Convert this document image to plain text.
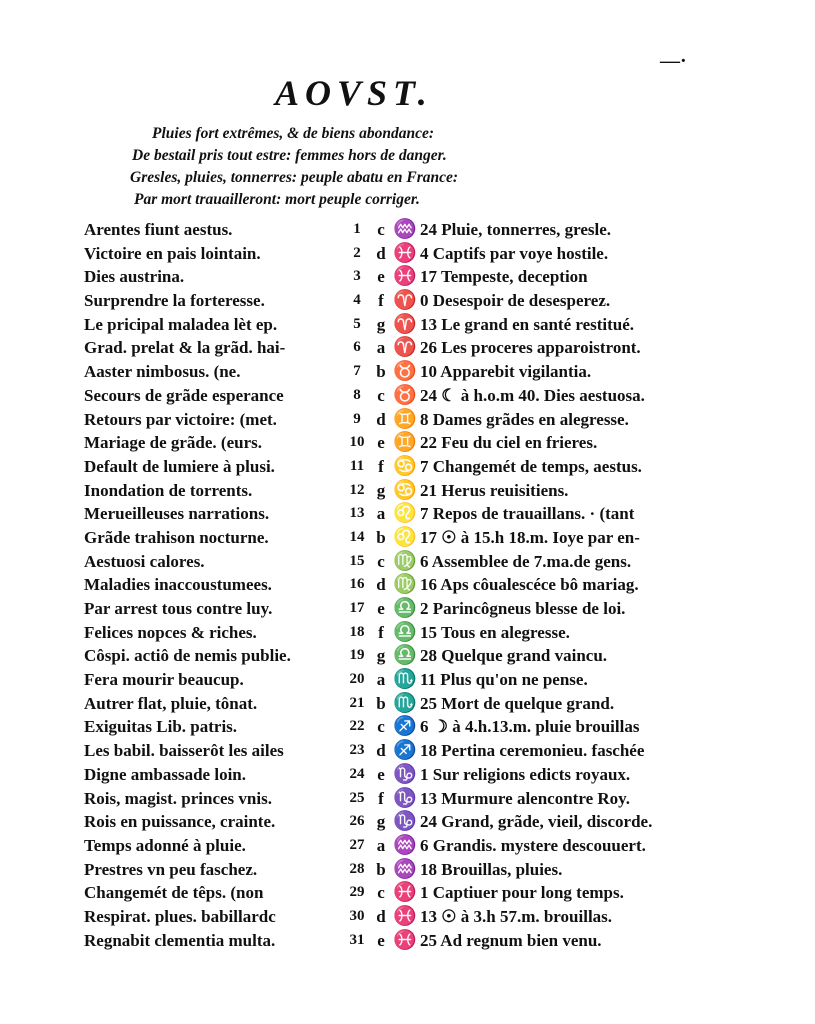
—·
AOVST.
Pluies fort extrêmes, & de biens abondance:
De bestail pris tout estre: femmes hors de danger.
Gresles, pluies, tonnerres: peuple abatu en France:
Par mort trauailleront: mort peuple corriger.
Arentes fiunt aestus.	1 c ♒ 24 Pluie, tonnerres, gresle.
Victoire en pais lointain.	2 d ♓ 4 Captifs par voye hostile.
Dies austrina.	3 e ♓ 17 Tempeste, deception
Surprendre la forteresse.	4	f ♈ 0 Desespoir de desesperez.
Le pricipal maladea lèt ep.	5 g ♈ 13 Le grand en santé restitué.
Grad. prelat & la grãd. hai-	6 a ♈ 26 Les proceres apparoistront.
Aaster nimbosus. (ne.	7 b ♉ 10 Apparebit vigilantia.
Secours de grãde esperance	8 c ♉ 24 ☾ à h.o.m 40. Dies aestuosa.
Retours par victoire: (met.	9 d ♊ 8 Dames grãdes en alegresse.
Mariage de grãde. (eurs.	10 e ♊ 22 Feu du ciel en frieres.
Default de lumiere à plusi.	11 f ♋ 7 Changemét de temps, aestus.
Inondation de torrents.	12 g ♋ 21 Herus reuisitiens.
Merueilleuses narrations.	13 a ♌ 7 Repos de trauaillans. · (tant
Grãde trahison nocturne.	14 b ♌ 17 ☉ à 15.h 18.m. Ioye par en-
Aestuosi calores.	15 c ♍ 6 Assemblee de 7.ma.de gens.
Maladies inaccoustumees.	16 d ♍ 16 Aps côualescéce bô mariag.
Par arrest tous contre luy.	17 e ♎ 2 Parincôgneus blesse de loi.
Felices nopces & riches.	18 f ♎ 15 Tous en alegresse.
Côspi. actiô de nemis publie.	19 g ♎ 28 Quelque grand vaincu.
Fera mourir beaucup.	20 a ♏ 11 Plus qu'on ne pense.
Autrer flat, pluie, tônat.	21 b ♏ 25 Mort de quelque grand.
Exiguitas Lib. patris.	22 c ♐ 6 ☽ à 4.h.13.m. pluie brouillas
Les babil. baisserôt les ailes	23 d ♐ 18 Pertina ceremonieu. faschée
Digne ambassade loin.	24 e ♑ 1 Sur religions edicts royaux.
Rois, magist. princes vnis.	25 f ♑ 13 Murmure alencontre Roy.
Rois en puissance, crainte.	26 g ♑ 24 Grand, grãde, vieil, discorde.
Temps adonné à pluie.	27 a ♒ 6 Grandis. mystere descouuert.
Prestres vn peu faschez.	28 b ♒ 18 Brouillas, pluies.
Changemét de têps. (non	29 c ♓ 1 Captiuer pour long temps.
Respirat. plues. babillardc	30 d ♓ 13 ☉ à 3.h 57.m. brouillas.
Regnabit clementia multa.	31 e ♓ 25 Ad regnum bien venu.
